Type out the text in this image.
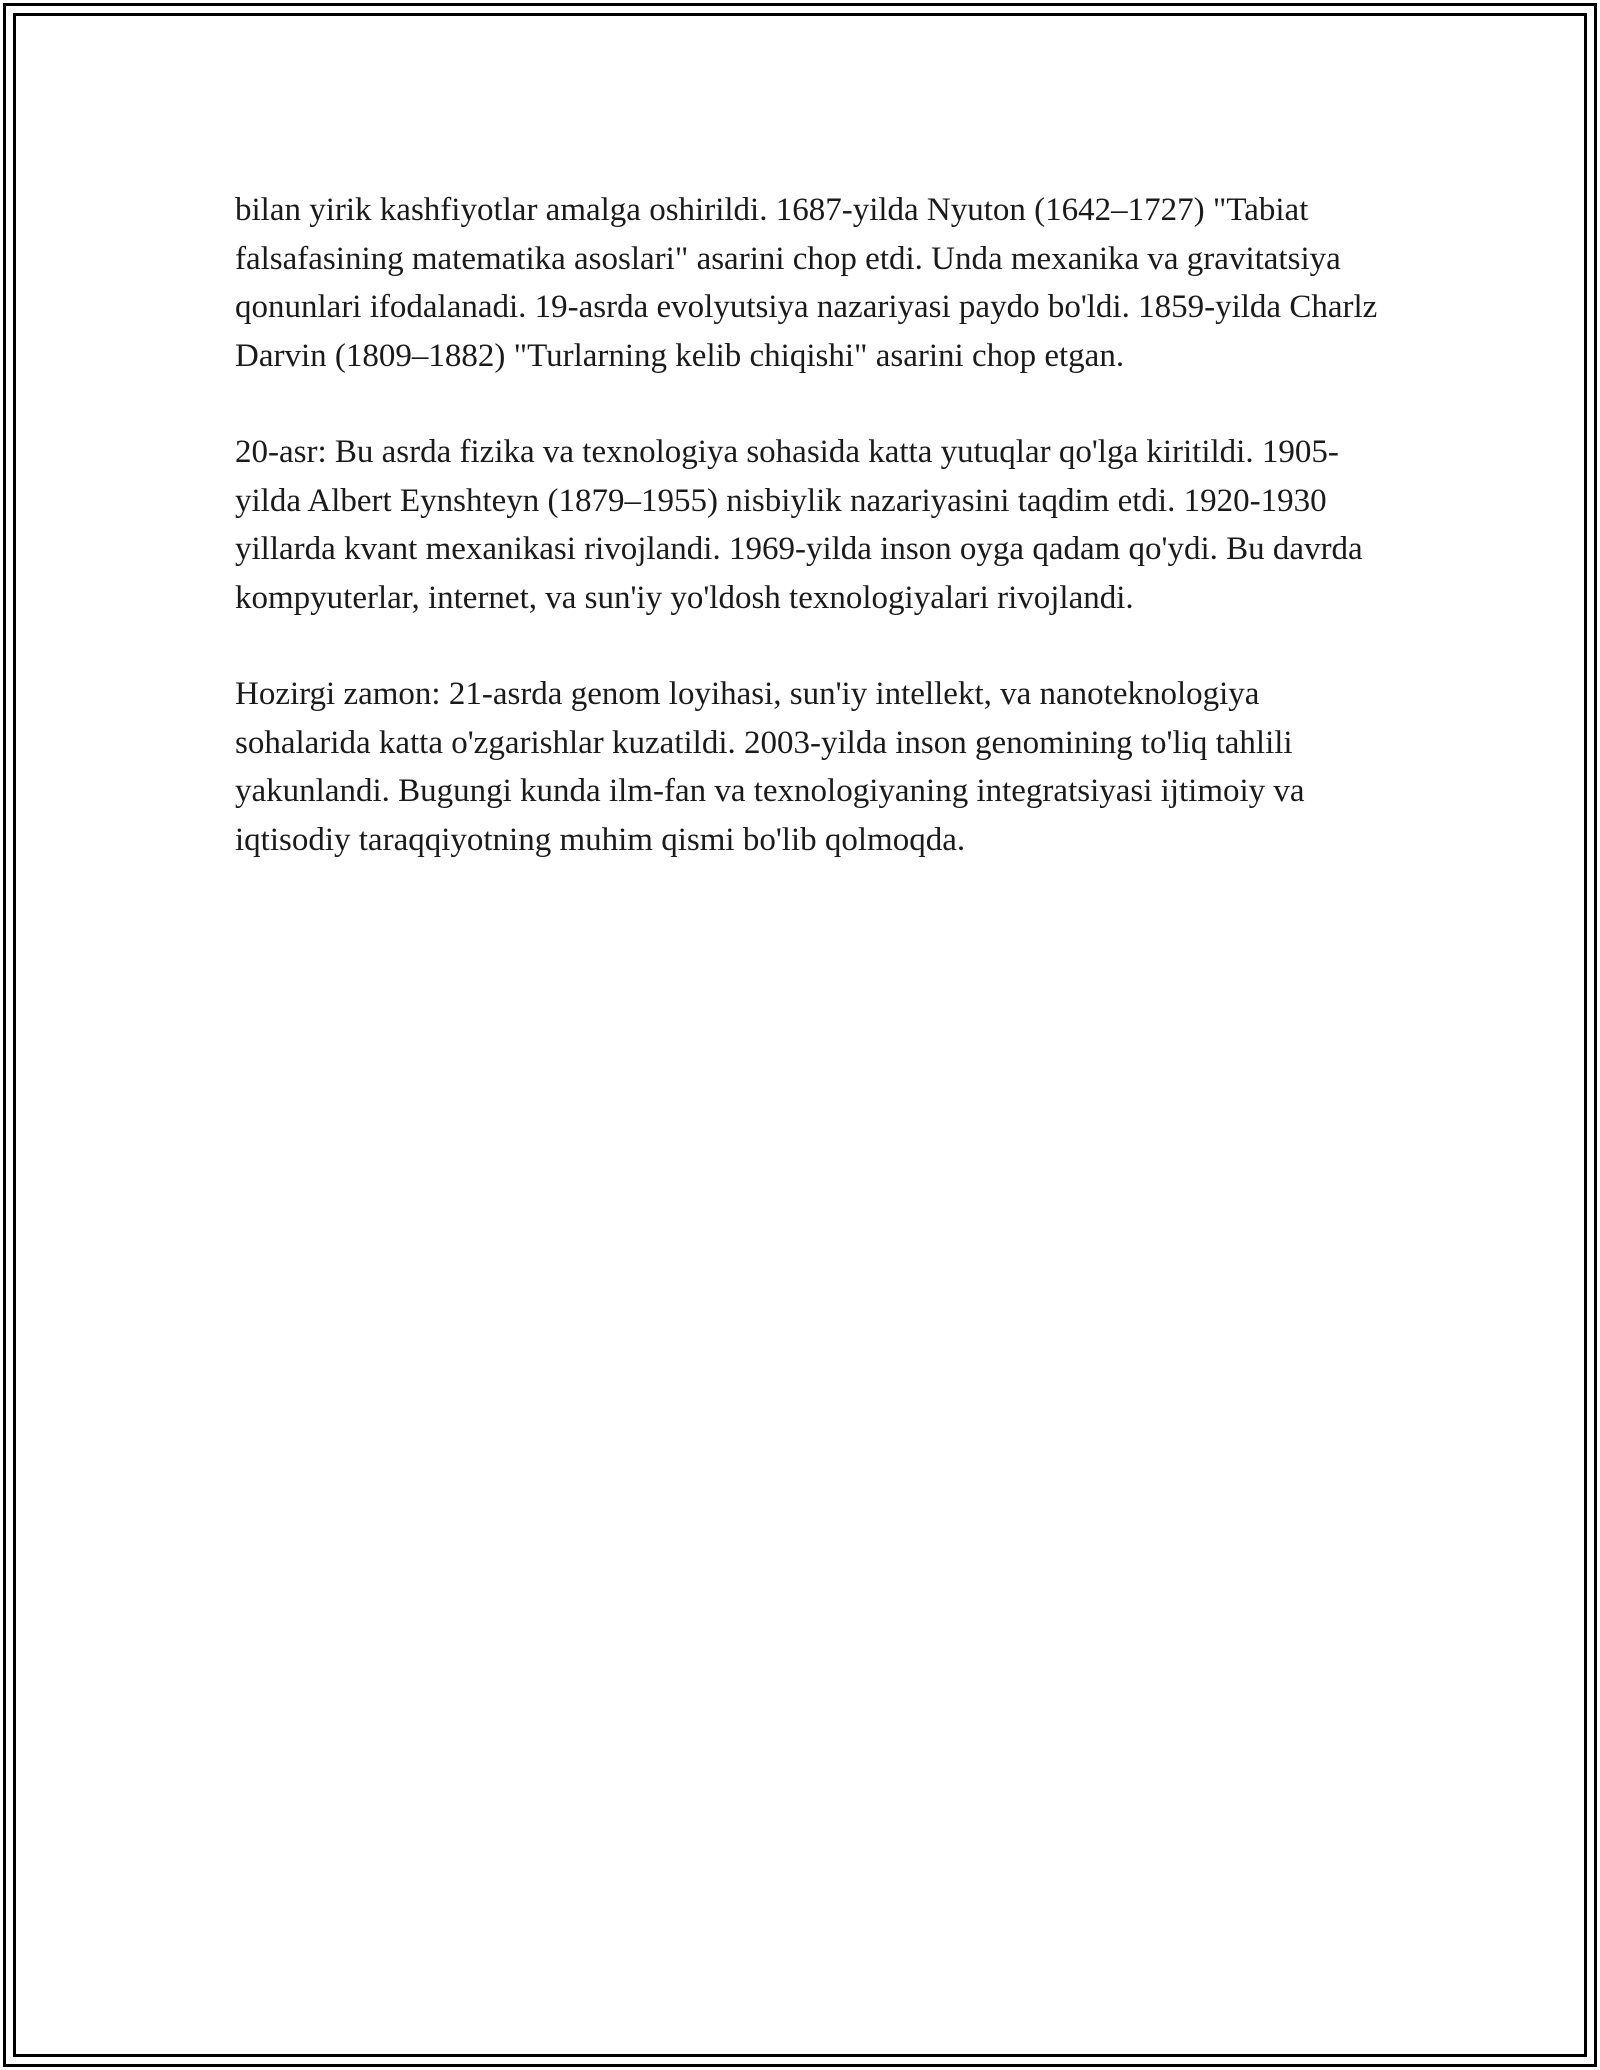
bilan yirik kashfiyotlar amalga oshirildi. 1687-yilda Nyuton (1642–1727) "Tabiat falsafasining matematika asoslari" asarini chop etdi. Unda mexanika va gravitatsiya qonunlari ifodalanadi. 19-asrda evolyutsiya nazariyasi paydo bo'ldi. 1859-yilda Charlz Darvin (1809–1882) "Turlarning kelib chiqishi" asarini chop etgan.

20-asr: Bu asrda fizika va texnologiya sohasida katta yutuqlar qo'lga kiritildi. 1905-yilda Albert Eynshteyn (1879–1955) nisbiylik nazariyasini taqdim etdi. 1920-1930 yillarda kvant mexanikasi rivojlandi. 1969-yilda inson oyga qadam qo'ydi. Bu davrda kompyuterlar, internet, va sun'iy yo'ldosh texnologiyalari rivojlandi.

Hozirgi zamon: 21-asrda genom loyihasi, sun'iy intellekt, va nanoteknologiya sohalarida katta o'zgarishlar kuzatildi. 2003-yilda inson genomining to'liq tahlili yakunlandi. Bugungi kunda ilm-fan va texnologiyaning integratsiyasi ijtimoiy va iqtisodiy taraqqiyotning muhim qismi bo'lib qolmoqda.
